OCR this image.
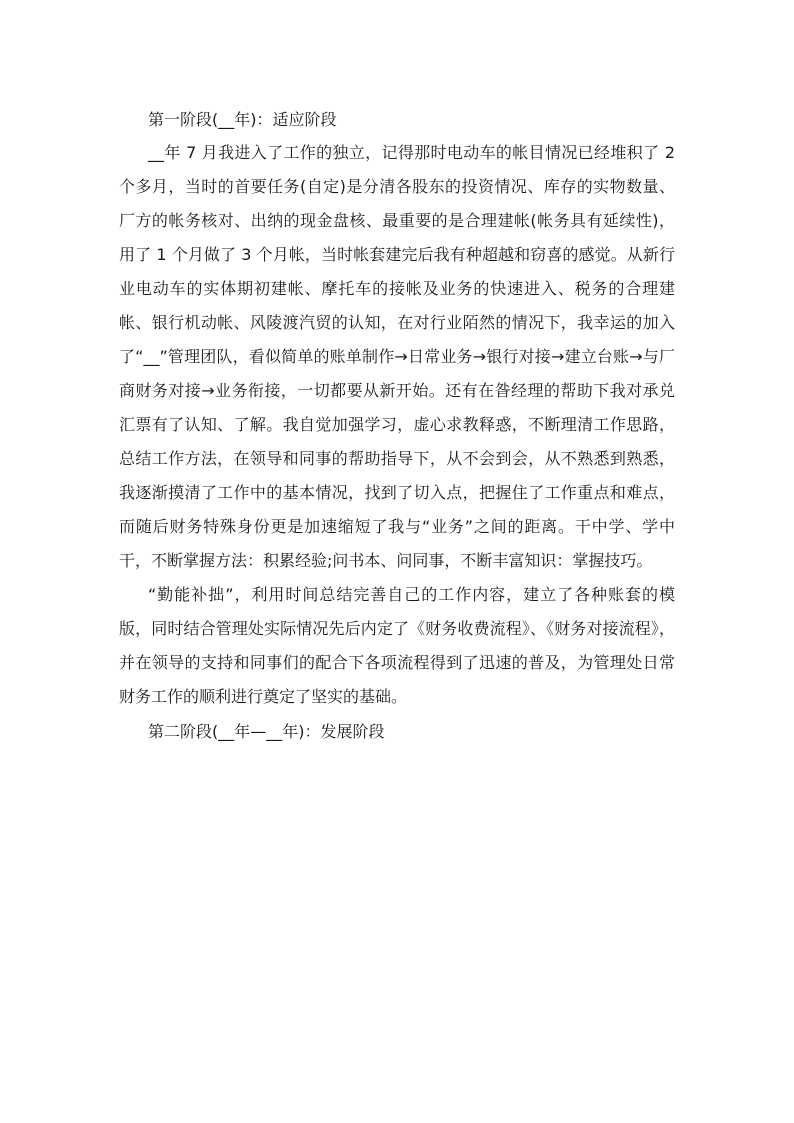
第一阶段(__年)：适应阶段

__年 7 月我进入了工作的独立，记得那时电动车的帐目情况已经堆积了 2 个多月，当时的首要任务(自定)是分清各股东的投资情况、库存的实物数量、厂方的帐务核对、出纳的现金盘核、最重要的是合理建帐(帐务具有延续性)，用了 1 个月做了 3 个月帐，当时帐套建完后我有种超越和窃喜的感觉。从新行业电动车的实体期初建帐、摩托车的接帐及业务的快速进入、税务的合理建帐、银行机动帐、风陵渡汽贸的认知，在对行业陌然的情况下，我幸运的加入了“__”管理团队，看似简单的账单制作→日常业务→银行对接→建立台账→与厂商财务对接→业务衔接，一切都要从新开始。还有在昝经理的帮助下我对承兑汇票有了认知、了解。我自觉加强学习，虚心求教释惑，不断理清工作思路，总结工作方法，在领导和同事的帮助指导下，从不会到会，从不熟悉到熟悉，我逐渐摸清了工作中的基本情况，找到了切入点，把握住了工作重点和难点，而随后财务特殊身份更是加速缩短了我与“业务”之间的距离。干中学、学中干，不断掌握方法：积累经验;问书本、问同事，不断丰富知识：掌握技巧。

“勤能补拙”，利用时间总结完善自己的工作内容，建立了各种账套的模版，同时结合管理处实际情况先后内定了《财务收费流程》、《财务对接流程》，并在领导的支持和同事们的配合下各项流程得到了迅速的普及，为管理处日常财务工作的顺利进行奠定了坚实的基础。

第二阶段(__年—__年)：发展阶段
